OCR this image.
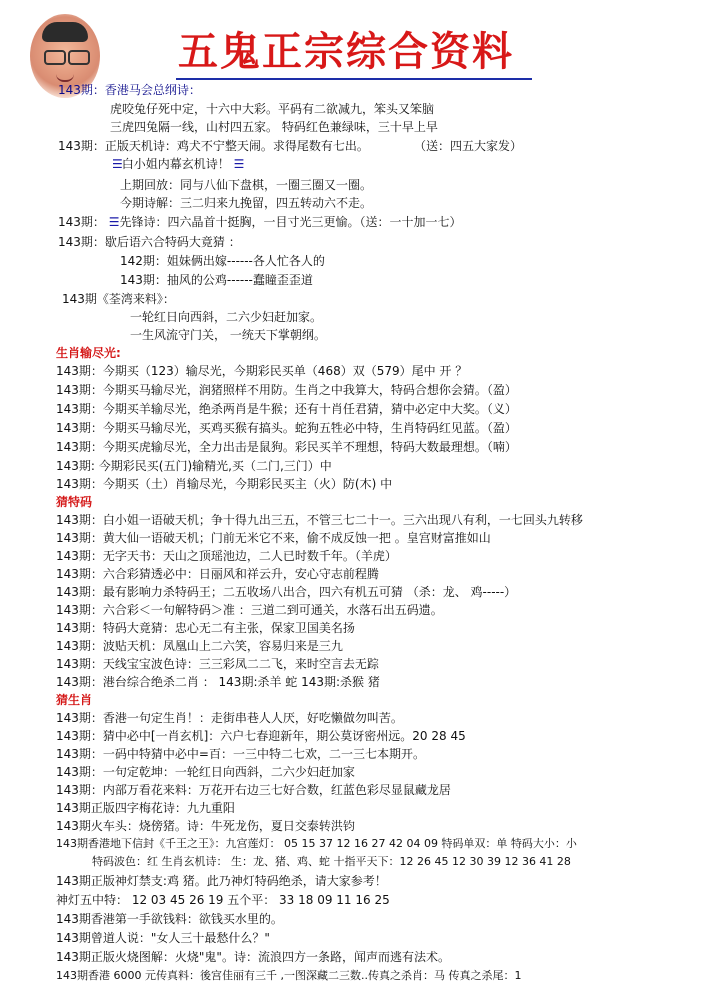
五鬼正宗综合资料
143期：香港马会总纲诗：
虎咬兔仔死中定，十六中大彩。平码有二欲减九，笨头又笨脑
三虎四兔隔一线，山村四五家。 特码红色兼绿味，三十早上早
143期：正版天机诗：鸡犬不宁整天闹。求得尾数有七出。	（送：四五大家发）
☰白小姐内幕玄机诗！ ☰
上期回放：同与八仙下盘棋，一圈三圈又一圈。
今期诗解：三二归来九挽留，四五转动六不走。
143期： ☰先锋诗：四六晶首十挺胸，一目寸光三更愉。（送：一十加一七）
143期：歇后语六合特码大竟猜 ：
142期：姐妹俩出嫁------各人忙各人的
143期：抽风的公鸡------蠢瞳歪歪道
143期《荃湾来料》：
一轮红日向西斜，二六少妇赶加家。
一生风流守门关， 一统天下掌朝纲。
生肖输尽光:
143期：今期买（123）输尽光，今期彩民买单（468）双（579）尾中 开 ？
143期：今期买马输尽光，润猪照样不用防。生肖之中我算大，特码合想你会猜。（盈）
143期：今期买羊输尽光，绝杀两肖是牛猴；还有十肖任君猜，猜中必定中大奖。（义）
143期：今期买马输尽光，买鸡买猴有搞头。蛇狗五牲必中特，生肖特码红见蓝。（盈）
143期：今期买虎输尽光，全力出击是鼠狗。彩民买羊不理想，特码大数最理想。（喃）
143期: 今期彩民买(五门)输精光,买（二门,三门）中
143期：今期买（土）肖输尽光，今期彩民买主（火）防(木) 中
猜特码
143期：白小姐一语破天机；争十得九出三五，不管三七二十一。三六出现八有利，一七回头九转移
143期：黄大仙一语破天机；门前无米它不来，偷不成反蚀一把 。皇宫财富推如山
143期：无字天书：天山之顶瑶池边，二人已时数千年。（羊虎）
143期：六合彩猜透必中：日丽风和祥云升，安心守志前程腾
143期：最有影响力杀特码王；二五收场八出合，四六有机五可猜 （杀：龙、 鸡-----）
143期：六合彩＜一句解特码＞准 ：三道二到可通关，水落石出五码遗。
143期：特码大竟猜：忠心无二有主张，保家卫国美名扬
143期：波贴天机：凤凰山上二六笑，容易归来是三九
143期：天线宝宝波色诗：三三彩凤二二飞，来时空言去无踪
143期：港台综合绝杀二肖 ： 143期:杀羊 蛇 143期:杀猴 猪
猜生肖
143期：香港一句定生肖！：走街串巷人人厌，好吃懒做勿叫苦。
143期：猜中必中[一肖玄机]：六户七春迎新年，期公莫讶密州远。20 28 45
143期：一码中特猜中必中=百：一三中特二七欢，二一三七本期开。
143期：一句定乾坤：一轮红日向西斜，二六少妇赶加家
143期：内部万看花来料：万花开右边三七好合数，红蓝色彩尽显鼠藏龙居
143期正版四字梅花诗：九九重阳
143期火车头：烧傍猪。诗：牛死龙伤，夏日交泰转洪钧
143期香港地下信封《千王之王》：九宫莲灯： 05 15 37 12 16 27 42 04 09 特码单双：单 特码大小：小
特码波色：红 生肖玄机诗： 生：龙、猪、鸡、蛇 十指平天下：12 26 45 12 30 39 12 36 41 28
143期正版神灯禁支:鸡 猪。此乃神灯特码绝杀，请大家参考！
神灯五中特： 12 03 45 26 19 五个平： 33 18 09 11 16 25
143期香港第一手欲钱料：欲钱买水里的。
143期曾道人说："女人三十最愁什么？"
143期正版火烧图解：火烧"鬼"。诗：流浪四方一条路，闻声而逃有法术。
143期香港 6000 元传真料：後宫佳丽有三千 ,一图深藏二三数..传真之杀肖：马 传真之杀尾：1
